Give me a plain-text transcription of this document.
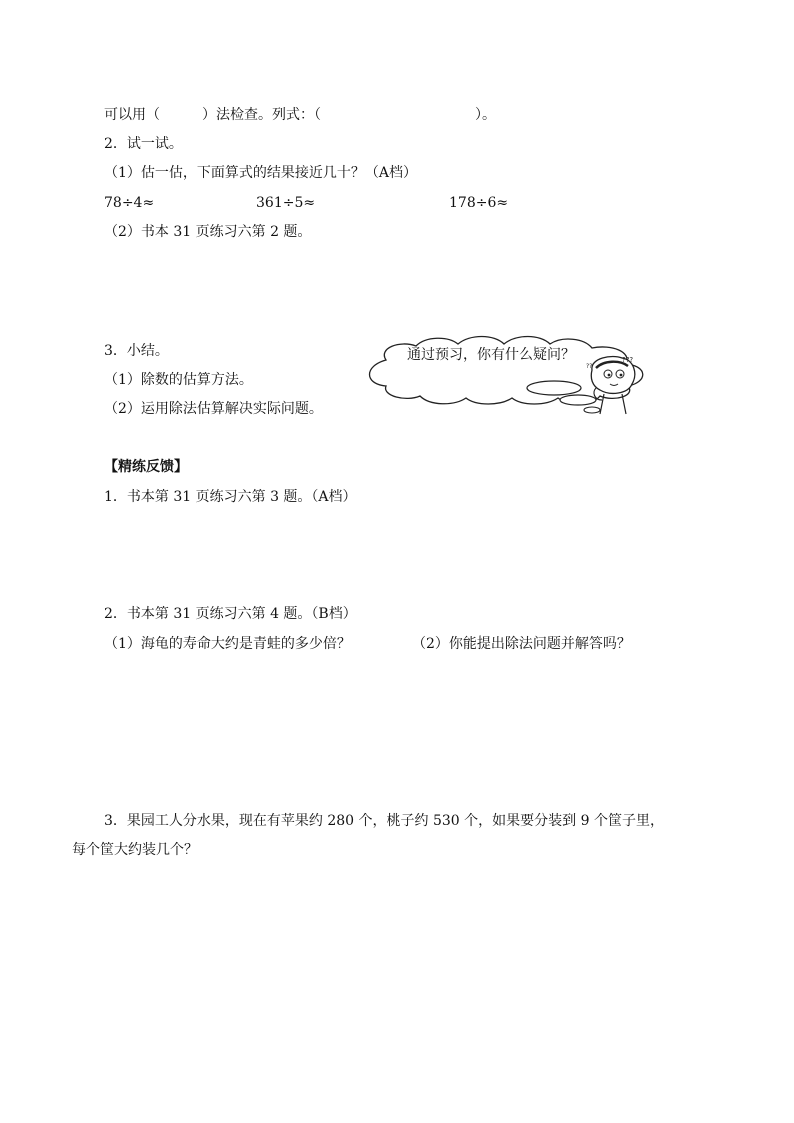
可以用（　　　）法检查。列式：（　　　　　　　　　　　）。
2．试一试。
（1）估一估，下面算式的结果接近几十？（A档）
78÷4≈	361÷5≈	178÷6≈
（2）书本 31 页练习六第 2 题。
3．小结。
（1）除数的估算方法。
（2）运用除法估算解决实际问题。
通过预习，你有什么疑问？	???
??
【精练反馈】
1．书本第 31 页练习六第 3 题。（A档）
2．书本第 31 页练习六第 4 题。（B档）
（1）海龟的寿命大约是青蛙的多少倍？	（2）你能提出除法问题并解答吗？
3．果园工人分水果，现在有苹果约 280 个，桃子约 530 个，如果要分装到 9 个筐子里，
每个筐大约装几个？
